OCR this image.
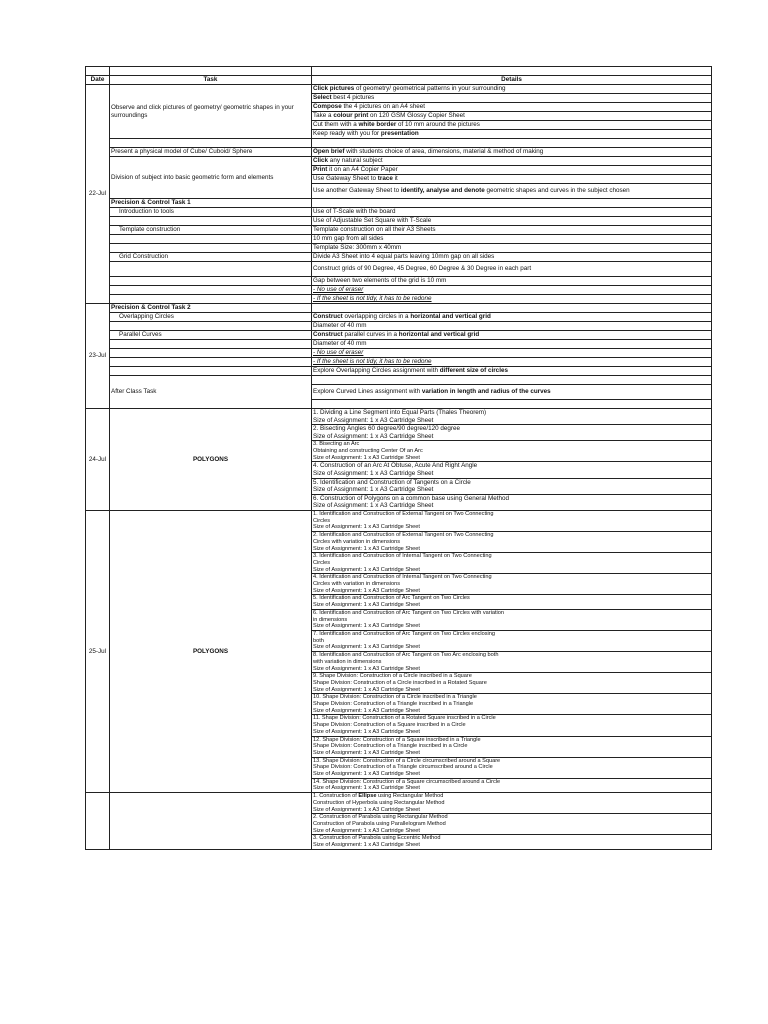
Date	Task	Details
22-Jul	Observe and click pictures of geometry/ geometric shapes in your surroundings	Click pictures of geometry/ geometrical patterns in your surrounding
		Select best 4 pictures
		Compose the 4 pictures on an A4 sheet
		Take a colour print on 120 GSM Glossy Copier Sheet
		Cut them with a white border of 10 mm around the pictures
		Keep ready with you for presentation

	Present a physical model of Cube/ Cuboid/ Sphere	Open brief with students choice of area, dimensions, material & method of making
	Division of subject into basic geometric form and elements	Click any natural subject
		Print it on an A4 Copier Paper
		Use Gateway Sheet to trace it
		Use another Gateway Sheet to identify, analyse and denote geometric shapes and curves in the subject chosen
	Precision & Control Task 1	
	Introduction to tools	Use of T-Scale with the board
		Use of Adjustable Set Square with T-Scale
	Template construction	Template construction on all their A3 Sheets
		10 mm gap from all sides
		Template Size: 300mm x 40mm
	Grid Construction	Divide A3 Sheet into 4 equal parts leaving 10mm gap on all sides
		Construct grids of 90 Degree, 45 Degree, 60 Degree & 30 Degree in each part
		Gap between two elements of the grid is 10 mm
		- No use of eraser
		- If the sheet is not tidy, it has to be redone
23-Jul	Precision & Control Task 2	
	Overlapping Circles	Construct overlapping circles in a horizontal and vertical grid
		Diameter of 40 mm
	Parallel Curves	Construct parallel curves in a horizontal and vertical grid
		Diameter of 40 mm
		- No use of eraser
		- If the sheet is not tidy, it has to be redone
		Explore Overlapping Circles assignment with different size of circles
	After Class Task	
		Explore Curved Lines assignment with variation in length and radius of the curves

24-Jul	POLYGONS	1. Dividing a Line Segment into Equal Parts (Thales Theorem)
Size of Assignment: 1 x A3 Cartridge Sheet

		2. Bisecting Angles 60 degree/90 degree/120 degree
Size of Assignment: 1 x A3 Cartridge Sheet

		3. Bisecting an Arc
Obtaining and constructing Center Of an Arc
Size of Assignment: 1 x A3 Cartridge Sheet

		4. Construction of an Arc At Obtuse, Acute And Right Angle
Size of Assignment: 1 x A3 Cartridge Sheet

		5. Identification and Construction of Tangents on a Circle
Size of Assignment: 1 x A3 Cartridge Sheet

		6. Construction of Polygons on a common base using General Method
Size of Assignment: 1 x A3 Cartridge Sheet

25-Jul	POLYGONS	1. Identification and Construction of External Tangent on Two Connecting
Circles
Size of Assignment: 1 x A3 Cartridge Sheet

		2. Identification and Construction of External Tangent on Two Connecting
Circles with variation in dimensions
Size of Assignment: 1 x A3 Cartridge Sheet

		3. Identification and Construction of Internal Tangent on Two Connecting
Circles
Size of Assignment: 1 x A3 Cartridge Sheet

		4. Identification and Construction of Internal Tangent on Two Connecting
Circles with variation in dimensions
Size of Assignment: 1 x A3 Cartridge Sheet

		5. Identification and Construction of Arc Tangent on Two Circles
Size of Assignment: 1 x A3 Cartridge Sheet

		6. Identification and Construction of Arc Tangent on Two Circles with variation
in dimensions
Size of Assignment: 1 x A3 Cartridge Sheet

		7. Identification and Construction of Arc Tangent on Two Circles enclosing
both
Size of Assignment: 1 x A3 Cartridge Sheet

		8. Identification and Construction of Arc Tangent on Two Arc enclosing both
with variation in dimensions
Size of Assignment: 1 x A3 Cartridge Sheet

		9. Shape Division: Construction of a Circle inscribed in a Square
Shape Division: Construction of a Circle inscribed in a Rotated Square
Size of Assignment: 1 x A3 Cartridge Sheet

		10. Shape Division: Construction of a Circle inscribed in a Triangle
Shape Division: Construction of a Triangle inscribed in a Triangle
Size of Assignment: 1 x A3 Cartridge Sheet

		11. Shape Division: Construction of a Rotated Square inscribed in a Circle
Shape Division: Construction of a Square inscribed in a Circle
Size of Assignment: 1 x A3 Cartridge Sheet

		12. Shape Division: Construction of a Square inscribed in a Triangle
Shape Division: Construction of a Triangle inscribed in a Circle
Size of Assignment: 1 x A3 Cartridge Sheet

		13. Shape Division: Construction of a Circle circumscribed around a Square
Shape Division: Construction of a Triangle circumscribed around a Circle
Size of Assignment: 1 x A3 Cartridge Sheet

		14. Shape Division: Construction of a Square circumscribed around a Circle
Size of Assignment: 1 x A3 Cartridge Sheet

		1. Construction of Ellipse using Rectangular Method
Construction of Hyperbola using Rectangular Method
Size of Assignment: 1 x A3 Cartridge Sheet

		2. Construction of Parabola using Rectangular Method
Construction of Parabola using Parallelogram Method
Size of Assignment: 1 x A3 Cartridge Sheet

		3. Construction of Parabola using Eccentric Method
Size of Assignment: 1 x A3 Cartridge Sheet
